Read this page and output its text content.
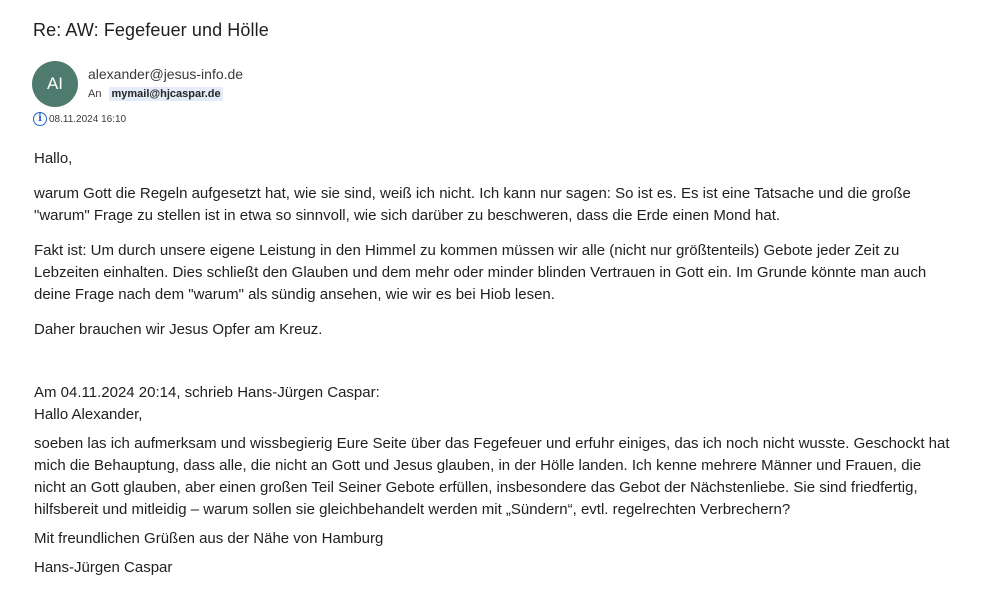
Re: AW: Fegefeuer und Hölle
AI	alexander@jesus-info.de
An mymail@hjcaspar.de
i 08.11.2024 16:10

Hallo,

warum Gott die Regeln aufgesetzt hat, wie sie sind, weiß ich nicht. Ich kann nur sagen: So ist es. Es ist eine Tatsache und die große "warum" Frage zu stellen ist in etwa so sinnvoll, wie sich darüber zu beschweren, dass die Erde einen Mond hat.

Fakt ist: Um durch unsere eigene Leistung in den Himmel zu kommen müssen wir alle (nicht nur größtenteils) Gebote jeder Zeit zu Lebzeiten einhalten. Dies schließt den Glauben und dem mehr oder minder blinden Vertrauen in Gott ein. Im Grunde könnte man auch deine Frage nach dem "warum" als sündig ansehen, wie wir es bei Hiob lesen.

Daher brauchen wir Jesus Opfer am Kreuz.

Am 04.11.2024 20:14, schrieb Hans-Jürgen Caspar:

Hallo Alexander,

soeben las ich aufmerksam und wissbegierig Eure Seite über das Fegefeuer und erfuhr einiges, das ich noch nicht wusste. Geschockt hat mich die Behauptung, dass alle, die nicht an Gott und Jesus glauben, in der Hölle landen. Ich kenne mehrere Männer und Frauen, die nicht an Gott glauben, aber einen großen Teil Seiner Gebote erfüllen, insbesondere das Gebot der Nächstenliebe. Sie sind friedfertig, hilfsbereit und mitleidig – warum sollen sie gleichbehandelt werden mit „Sündern“, evtl. regelrechten Verbrechern?

Mit freundlichen Grüßen aus der Nähe von Hamburg

Hans-Jürgen Caspar
